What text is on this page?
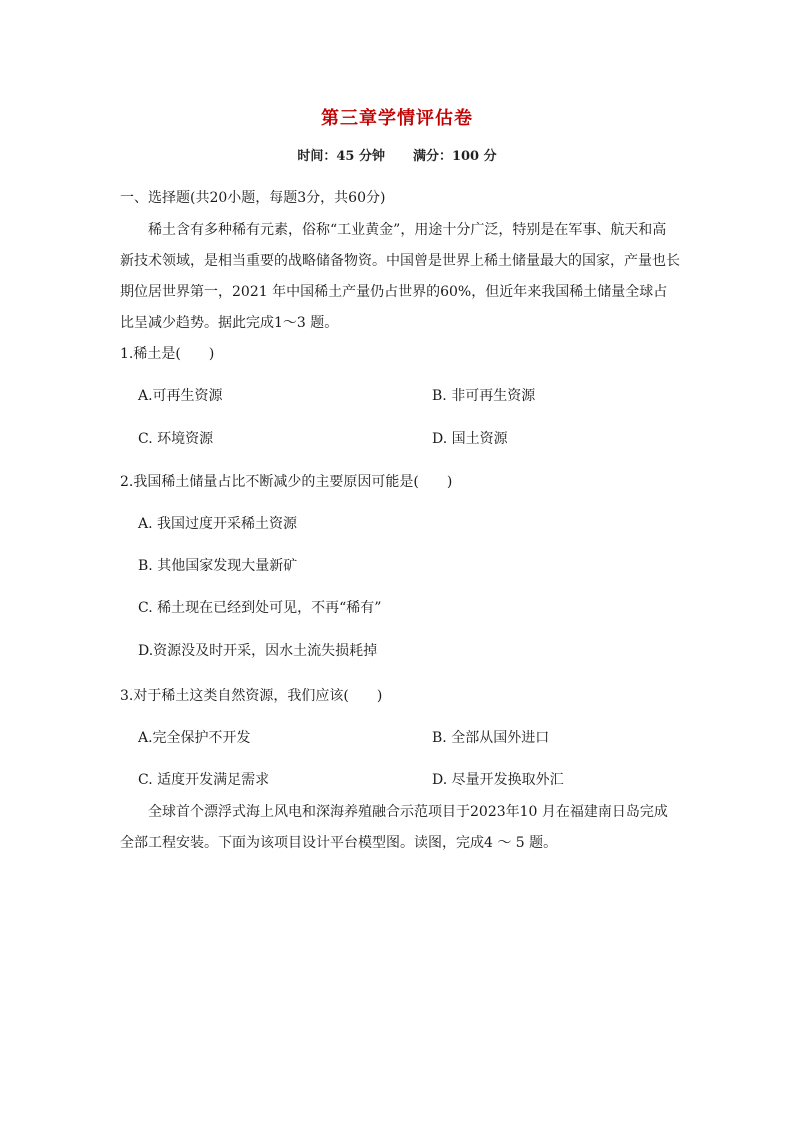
第三章学情评估卷
时间：45 分钟 满分：100 分
一、选择题(共20小题，每题3分，共60分)
稀土含有多种稀有元素，俗称“工业黄金”，用途十分广泛，特别是在军事、航天和高新技术领域，是相当重要的战略储备物资。中国曾是世界上稀土储量最大的国家，产量也长期位居世界第一，2021 年中国稀土产量仍占世界的60%，但近年来我国稀土储量全球占比呈减少趋势。据此完成1～3 题。
1.稀土是(　　)
A.可再生资源	B. 非可再生资源
C. 环境资源	D. 国土资源
2.我国稀土储量占比不断减少的主要原因可能是(　　)
A. 我国过度开采稀土资源
B. 其他国家发现大量新矿
C. 稀土现在已经到处可见，不再“稀有”
D.资源没及时开采，因水土流失损耗掉
3.对于稀土这类自然资源，我们应该(　　)
A.完全保护不开发	B. 全部从国外进口
C. 适度开发满足需求	D. 尽量开发换取外汇
全球首个漂浮式海上风电和深海养殖融合示范项目于2023年10 月在福建南日岛完成全部工程安装。下面为该项目设计平台模型图。读图，完成4 ～ 5 题。
